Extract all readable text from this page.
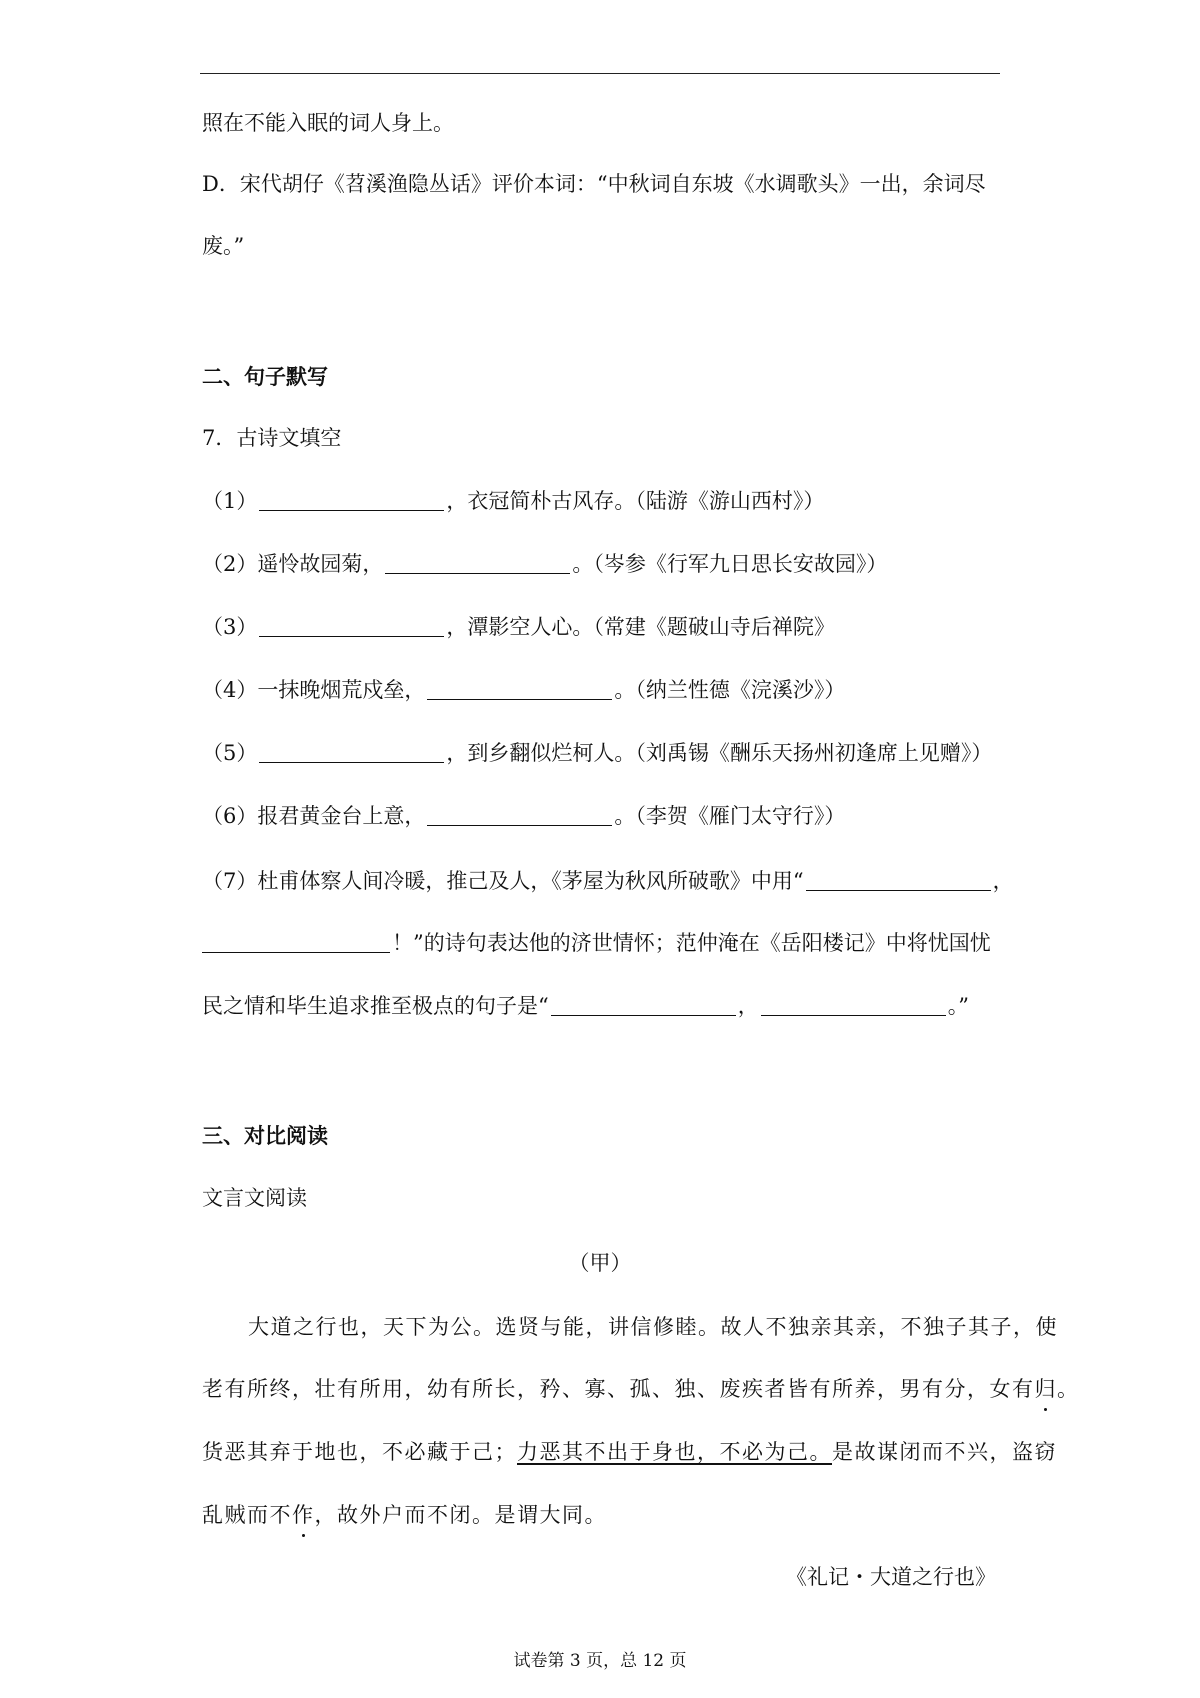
照在不能入眠的词人身上。
D．宋代胡仔《苕溪渔隐丛话》评价本词：“中秋词自东坡《水调歌头》一出，余词尽
废。”
二、句子默写
7．古诗文填空
（1）	，衣冠简朴古风存。（陆游《游山西村》）
（2）遥怜故园菊，	。（岑参《行军九日思长安故园》）
（3）	，潭影空人心。（常建《题破山寺后禅院》
（4）一抹晚烟荒戍垒，	。（纳兰性德《浣溪沙》）
（5）	，到乡翻似烂柯人。（刘禹锡《酬乐天扬州初逢席上见赠》）
（6）报君黄金台上意，	。（李贺《雁门太守行》）
（7）杜甫体察人间冷暖，推己及人，《茅屋为秋风所破歌》中用“	，
！”的诗句表达他的济世情怀；范仲淹在《岳阳楼记》中将忧国忧
民之情和毕生追求推至极点的句子是“	，	。”
三、对比阅读
文言文阅读
（甲）
大道之行也，天下为公。选贤与能，讲信修睦。故人不独亲其亲，不独子其子，使
老有所终，壮有所用，幼有所长，矜、寡、孤、独、废疾者皆有所养，男有分，女有归。
货恶其弃于地也，不必藏于己；力恶其不出于身也，不必为己。是故谋闭而不兴，盗窃
乱贼而不作，故外户而不闭。是谓大同。
《礼记・大道之行也》
试卷第 3 页，总 12 页
